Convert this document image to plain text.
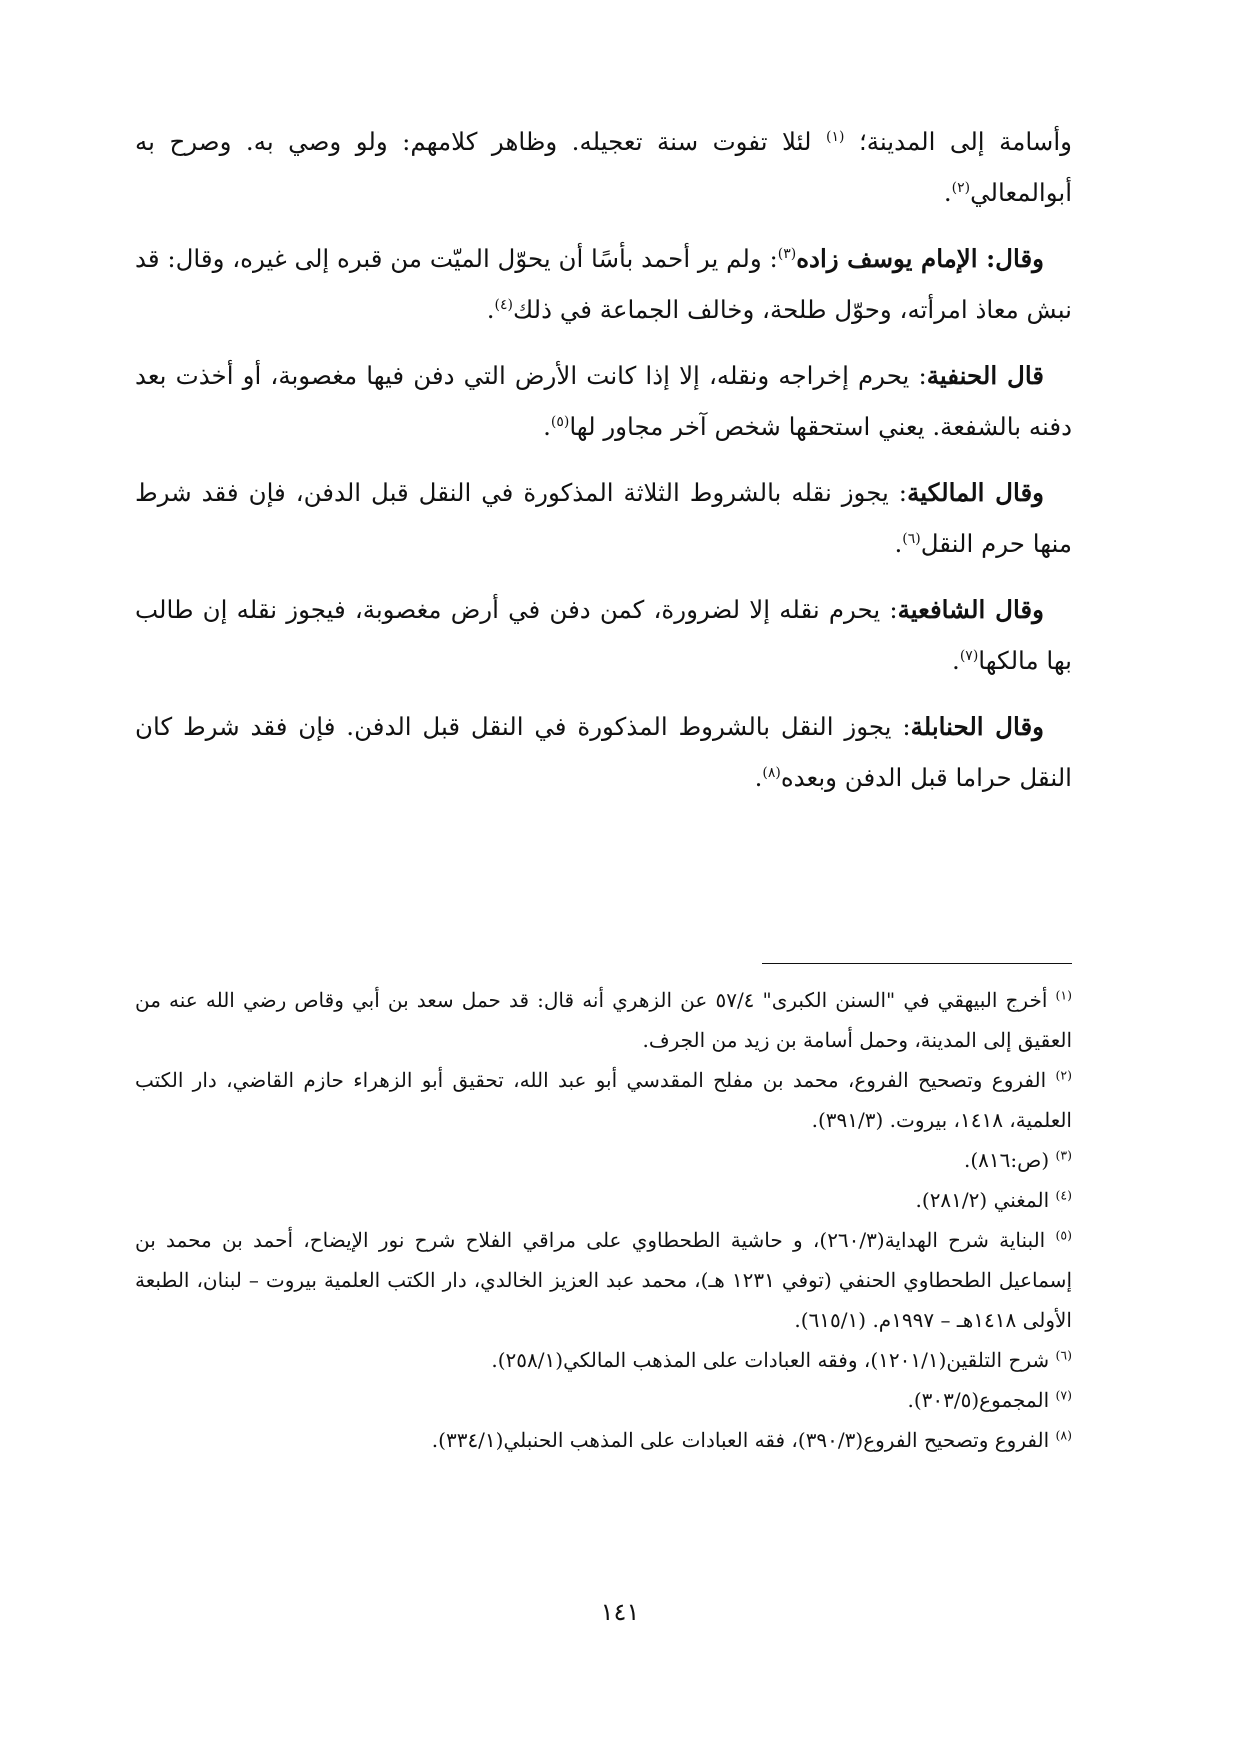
وأسامة إلى المدينة؛ $^{(١)}$ لئلا تفوت سنة تعجيله. وظاهر كلامهم: ولو وصي به. وصرح به أبوالمعالي$^{(٢)}$.

وقال: الإمام يوسف زاده$^{(٣)}$: ولم ير أحمد بأسًا أن يحوّل الميّت من قبره إلى غيره، وقال: قد نبش معاذ امرأته، وحوّل طلحة، وخالف الجماعة في ذلك$^{(٤)}$.

قال الحنفية: يحرم إخراجه ونقله، إلا إذا كانت الأرض التي دفن فيها مغصوبة، أو أخذت بعد دفنه بالشفعة. يعني استحقها شخص آخر مجاور لها$^{(٥)}$.

وقال المالكية: يجوز نقله بالشروط الثلاثة المذكورة في النقل قبل الدفن، فإن فقد شرط منها حرم النقل$^{(٦)}$.

وقال الشافعية: يحرم نقله إلا لضرورة، كمن دفن في أرض مغصوبة، فيجوز نقله إن طالب بها مالكها$^{(٧)}$.

وقال الحنابلة: يجوز النقل بالشروط المذكورة في النقل قبل الدفن. فإن فقد شرط كان النقل حراما قبل الدفن وبعده$^{(٨)}$.

$^{(١)}$ أخرج البيهقي في "السنن الكبرى" ٥٧/٤ عن الزهري أنه قال: قد حمل سعد بن أبي وقاص رضي الله عنه من العقيق إلى المدينة، وحمل أسامة بن زيد من الجرف.
$^{(٢)}$ الفروع وتصحيح الفروع، محمد بن مفلح المقدسي أبو عبد الله، تحقيق أبو الزهراء حازم القاضي، دار الكتب العلمية، ١٤١٨، بيروت. (٣٩١/٣).
$^{(٣)}$ (ص:٨١٦).
$^{(٤)}$ المغني (٢٨١/٢).
$^{(٥)}$ البناية شرح الهداية(٢٦٠/٣)، و حاشية الطحطاوي على مراقي الفلاح شرح نور الإيضاح، أحمد بن محمد بن إسماعيل الطحطاوي الحنفي (توفي ١٢٣١ هـ)، محمد عبد العزيز الخالدي، دار الكتب العلمية بيروت – لبنان، الطبعة الأولى ١٤١٨هـ – ١٩٩٧م. (٦١٥/١).
$^{(٦)}$ شرح التلقين(١٢٠١/١)، وفقه العبادات على المذهب المالكي(٢٥٨/١).
$^{(٧)}$ المجموع(٣٠٣/٥).
$^{(٨)}$ الفروع وتصحيح الفروع(٣٩٠/٣)، فقه العبادات على المذهب الحنبلي(٣٣٤/١).
١٤١
